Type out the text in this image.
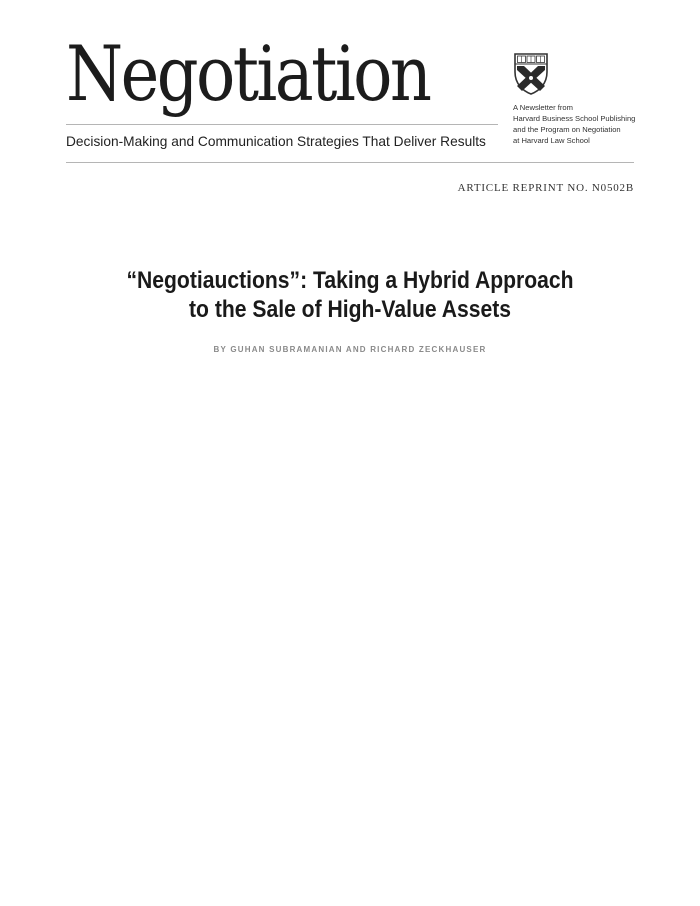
Negotiation
Decision-Making and Communication Strategies That Deliver Results
A Newsletter from
Harvard Business School Publishing
and the Program on Negotiation
at Harvard Law School
ARTICLE REPRINT NO. N0502B
“Negotiauctions”: Taking a Hybrid Approach
to the Sale of High-Value Assets
BY GUHAN SUBRAMANIAN AND RICHARD ZECKHAUSER
